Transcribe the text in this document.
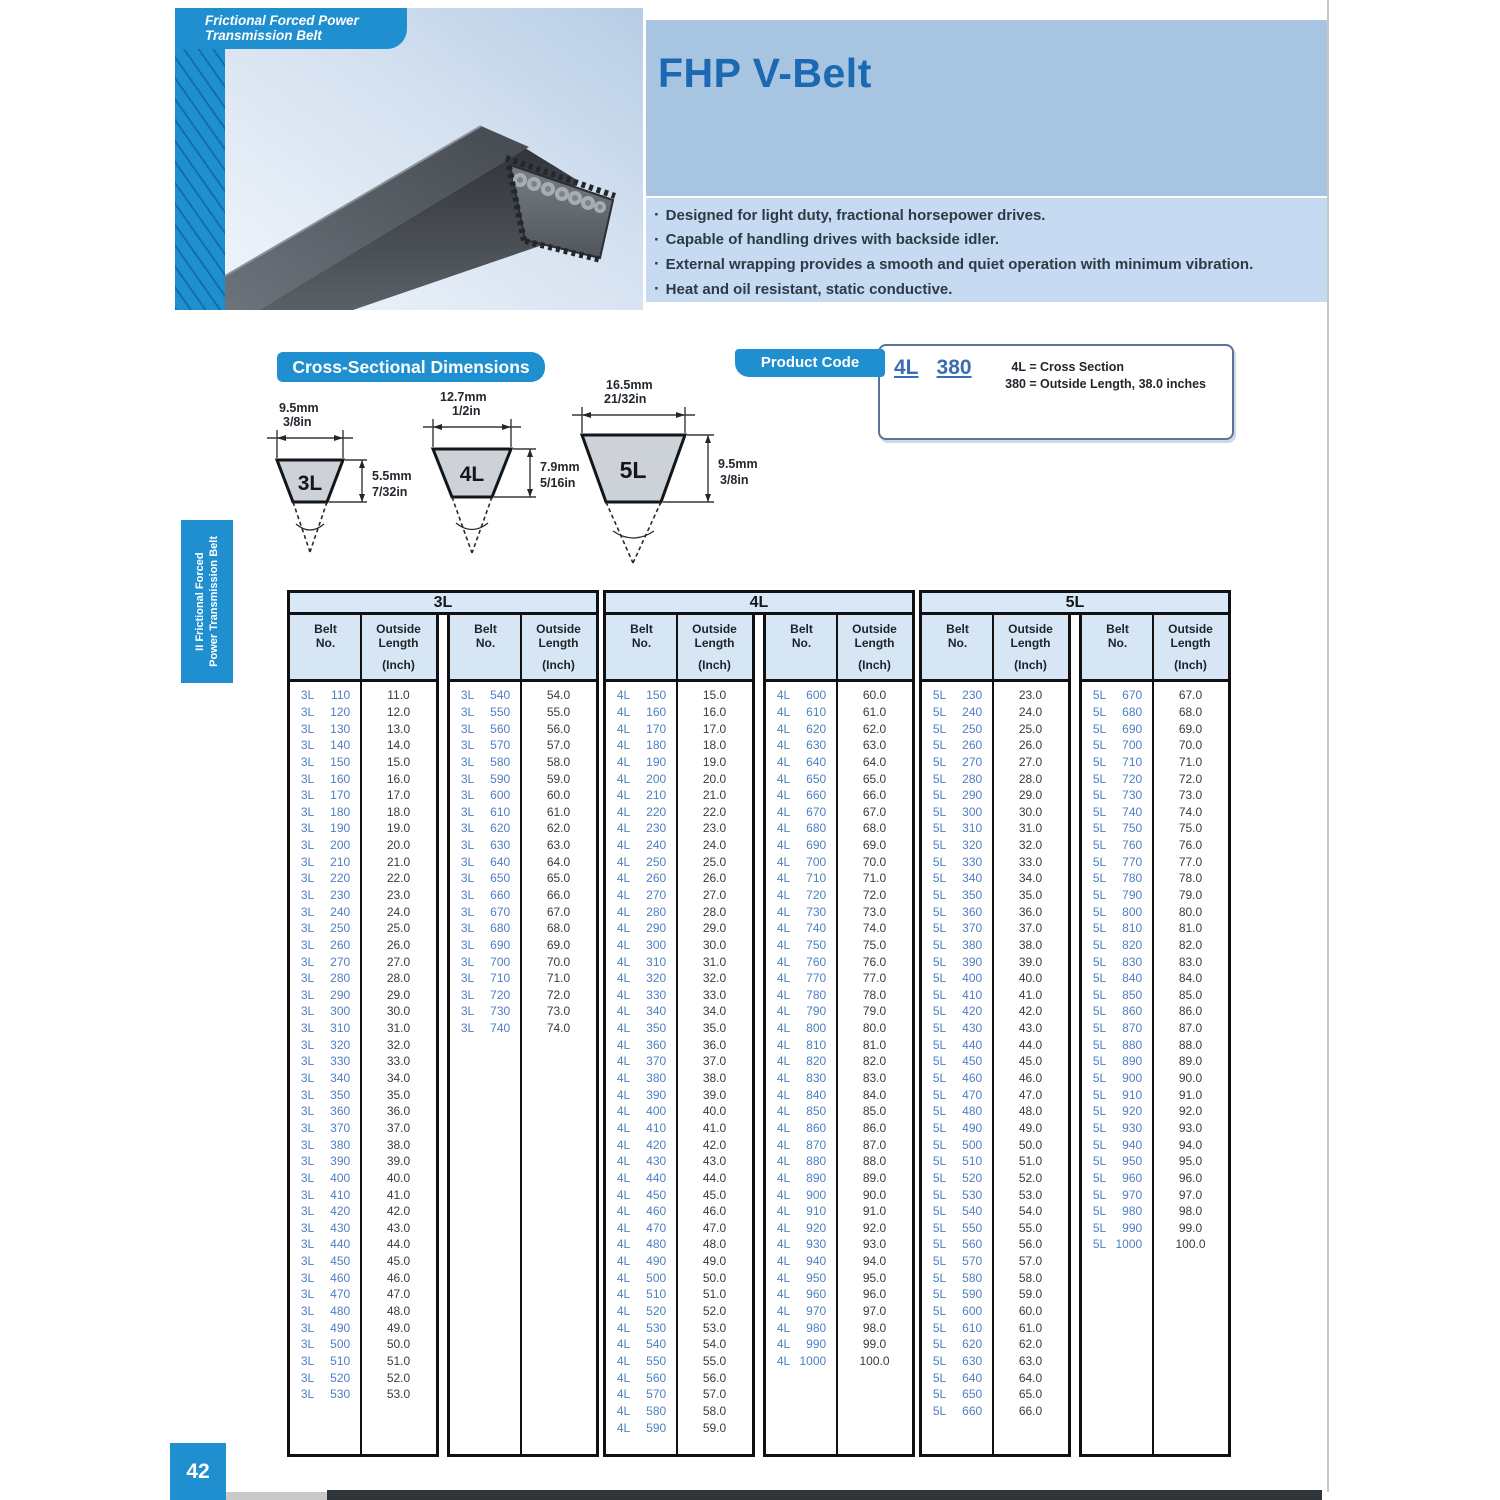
Frictional Forced Power
Transmission Belt
FHP V-Belt
· Designed for light duty, fractional horsepower drives.
· Capable of handling drives with backside idler.
· External wrapping provides a smooth and quiet operation with minimum vibration.
· Heat and oil resistant, static conductive.
Cross-Sectional Dimensions
9.5mm
3/8in
3L	5.5mm
7/32in
12.7mm
1/2in
4L	7.9mm
5/16in
16.5mm
21/32in
5L	9.5mm
3/8in
Product Code	4L 380	4L = Cross Section
380 = Outside Length, 38.0 inches
3L
Belt
No.
Outside
Length
(Inch)
3L	110	11.0
3L	120	12.0
3L	130	13.0
3L	140	14.0
3L	150	15.0
3L	160	16.0
3L	170	17.0
3L	180	18.0
3L	190	19.0
3L	200	20.0
3L	210	21.0
3L	220	22.0
3L	230	23.0
3L	240	24.0
3L	250	25.0
3L	260	26.0
3L	270	27.0
3L	280	28.0
3L	290	29.0
3L	300	30.0
3L	310	31.0
3L	320	32.0
3L	330	33.0
3L	340	34.0
3L	350	35.0
3L	360	36.0
3L	370	37.0
3L	380	38.0
3L	390	39.0
3L	400	40.0
3L	410	41.0
3L	420	42.0
3L	430	43.0
3L	440	44.0
3L	450	45.0
3L	460	46.0
3L	470	47.0
3L	480	48.0
3L	490	49.0
3L	500	50.0
3L	510	51.0
3L	520	52.0
3L	530	53.0
Belt
No.
Outside
Length
(Inch)
3L	540	54.0
3L	550	55.0
3L	560	56.0
3L	570	57.0
3L	580	58.0
3L	590	59.0
3L	600	60.0
3L	610	61.0
3L	620	62.0
3L	630	63.0
3L	640	64.0
3L	650	65.0
3L	660	66.0
3L	670	67.0
3L	680	68.0
3L	690	69.0
3L	700	70.0
3L	710	71.0
3L	720	72.0
3L	730	73.0
3L	740	74.0
4L
Belt
No.
Outside
Length
(Inch)
4L	150	15.0
4L	160	16.0
4L	170	17.0
4L	180	18.0
4L	190	19.0
4L	200	20.0
4L	210	21.0
4L	220	22.0
4L	230	23.0
4L	240	24.0
4L	250	25.0
4L	260	26.0
4L	270	27.0
4L	280	28.0
4L	290	29.0
4L	300	30.0
4L	310	31.0
4L	320	32.0
4L	330	33.0
4L	340	34.0
4L	350	35.0
4L	360	36.0
4L	370	37.0
4L	380	38.0
4L	390	39.0
4L	400	40.0
4L	410	41.0
4L	420	42.0
4L	430	43.0
4L	440	44.0
4L	450	45.0
4L	460	46.0
4L	470	47.0
4L	480	48.0
4L	490	49.0
4L	500	50.0
4L	510	51.0
4L	520	52.0
4L	530	53.0
4L	540	54.0
4L	550	55.0
4L	560	56.0
4L	570	57.0
4L	580	58.0
4L	590	59.0
Belt
No.
Outside
Length
(Inch)
4L	600	60.0
4L	610	61.0
4L	620	62.0
4L	630	63.0
4L	640	64.0
4L	650	65.0
4L	660	66.0
4L	670	67.0
4L	680	68.0
4L	690	69.0
4L	700	70.0
4L	710	71.0
4L	720	72.0
4L	730	73.0
4L	740	74.0
4L	750	75.0
4L	760	76.0
4L	770	77.0
4L	780	78.0
4L	790	79.0
4L	800	80.0
4L	810	81.0
4L	820	82.0
4L	830	83.0
4L	840	84.0
4L	850	85.0
4L	860	86.0
4L	870	87.0
4L	880	88.0
4L	890	89.0
4L	900	90.0
4L	910	91.0
4L	920	92.0
4L	930	93.0
4L	940	94.0
4L	950	95.0
4L	960	96.0
4L	970	97.0
4L	980	98.0
4L	990	99.0
4L 1000	100.0
5L
Belt
No.
Outside
Length
(Inch)
5L	230	23.0
5L	240	24.0
5L	250	25.0
5L	260	26.0
5L	270	27.0
5L	280	28.0
5L	290	29.0
5L	300	30.0
5L	310	31.0
5L	320	32.0
5L	330	33.0
5L	340	34.0
5L	350	35.0
5L	360	36.0
5L	370	37.0
5L	380	38.0
5L	390	39.0
5L	400	40.0
5L	410	41.0
5L	420	42.0
5L	430	43.0
5L	440	44.0
5L	450	45.0
5L	460	46.0
5L	470	47.0
5L	480	48.0
5L	490	49.0
5L	500	50.0
5L	510	51.0
5L	520	52.0
5L	530	53.0
5L	540	54.0
5L	550	55.0
5L	560	56.0
5L	570	57.0
5L	580	58.0
5L	590	59.0
5L	600	60.0
5L	610	61.0
5L	620	62.0
5L	630	63.0
5L	640	64.0
5L	650	65.0
5L	660	66.0
Belt
No.
Outside
Length
(Inch)
5L	670	67.0
5L	680	68.0
5L	690	69.0
5L	700	70.0
5L	710	71.0
5L	720	72.0
5L	730	73.0
5L	740	74.0
5L	750	75.0
5L	760	76.0
5L	770	77.0
5L	780	78.0
5L	790	79.0
5L	800	80.0
5L	810	81.0
5L	820	82.0
5L	830	83.0
5L	840	84.0
5L	850	85.0
5L	860	86.0
5L	870	87.0
5L	880	88.0
5L	890	89.0
5L	900	90.0
5L	910	91.0
5L	920	92.0
5L	930	93.0
5L	940	94.0
5L	950	95.0
5L	960	96.0
5L	970	97.0
5L	980	98.0
5L	990	99.0
5L 1000	100.0
II Frictional Forced Power Transmission Belt
42
